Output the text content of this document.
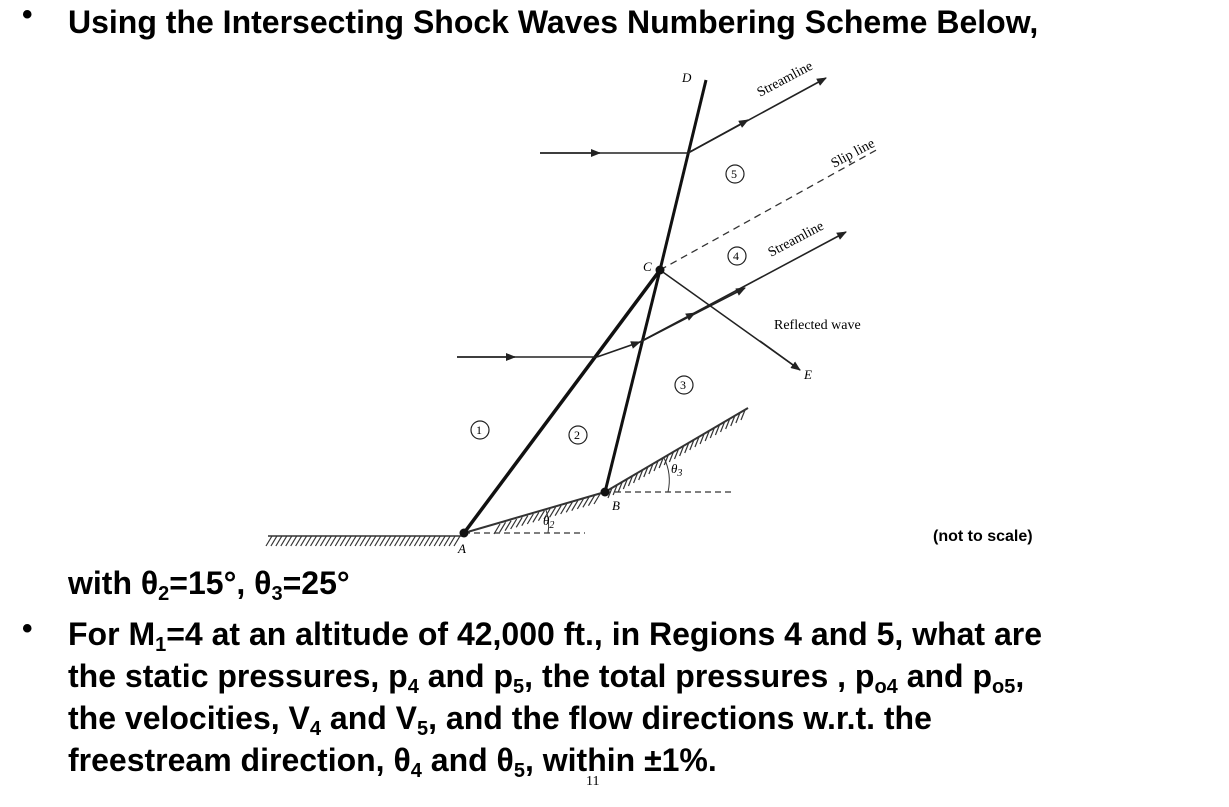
•
•
Using the Intersecting Shock Waves Numbering Scheme Below,
A
B
C
D
E
1	2
3
4
5
Streamline
Slip line
Streamline
Reflected wave
$\theta_2$
$\theta_3$
(not to scale)
with $\theta_2=15^\circ$, $\theta_3=25^\circ$
For $M_1=4$ at an altitude of 42,000 ft., in Regions 4 and 5, what are
the static pressures, $p_4$ and $p_5$, the total pressures , $p_{o4}$ and $p_{o5}$,
the velocities, $V_4$ and $V_5$, and the flow directions w.r.t. the
freestream direction, $\theta_4$ and $\theta_5$, within ±1%.
11
